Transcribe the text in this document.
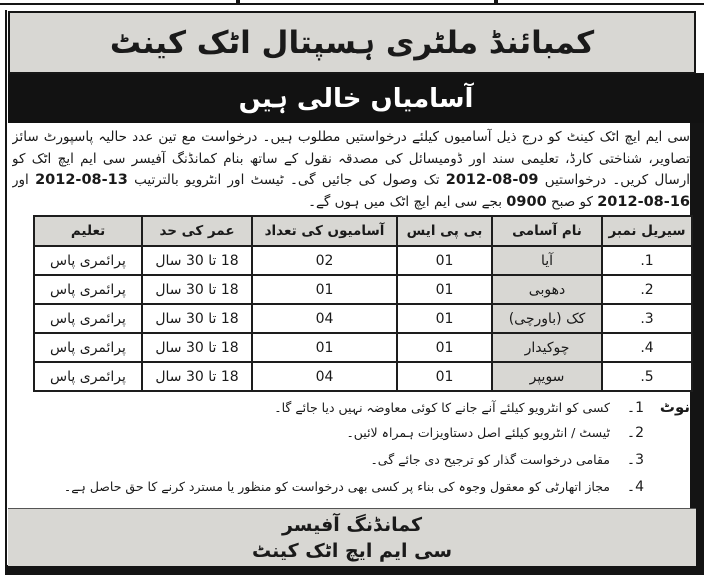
کمبائنڈ ملٹری ہسپتال اٹک کینٹ
آسامیاں خالی ہیں
سی ایم ایچ اٹک کینٹ کو درج ذیل آسامیوں کیلئے درخواستیں مطلوب ہیں۔ درخواست مع تین عدد حالیہ پاسپورٹ سائز تصاویر، شناختی کارڈ، تعلیمی سند اور ڈومیسائل کی مصدقہ نقول کے ساتھ بنام کمانڈنگ آفیسر سی ایم ایچ اٹک کو ارسال کریں۔ درخواستیں 09-08-2012 تک وصول کی جائیں گی۔ ٹیسٹ اور انٹرویو بالترتیب 13-08-2012 اور 16-08-2012 کو صبح 0900 بجے سی ایم ایچ اٹک میں ہوں گے۔
سیریل نمبر	نام آسامی	بی پی ایس	آسامیوں کی تعداد	عمر کی حد	تعلیم
1.	آیا	01	02	18 تا 30 سال	پرائمری پاس
2.	دھوبی	01	01	18 تا 30 سال	پرائمری پاس
3.	کک (باورچی)	01	04	18 تا 30 سال	پرائمری پاس
4.	چوکیدار	01	01	18 تا 30 سال	پرائمری پاس
5.	سویپر	01	04	18 تا 30 سال	پرائمری پاس
نوٹ
1۔
کسی کو انٹرویو کیلئے آنے جانے کا کوئی معاوضہ نہیں دیا جائے گا۔
2۔
ٹیسٹ / انٹرویو کیلئے اصل دستاویزات ہمراہ لائیں۔
3۔
مقامی درخواست گذار کو ترجیح دی جائے گی۔
4۔
مجاز اتھارٹی کو معقول وجوہ کی بناء پر کسی بھی درخواست کو منظور یا مسترد کرنے کا حق حاصل ہے۔
کمانڈنگ آفیسر
سی ایم ایچ اٹک کینٹ
